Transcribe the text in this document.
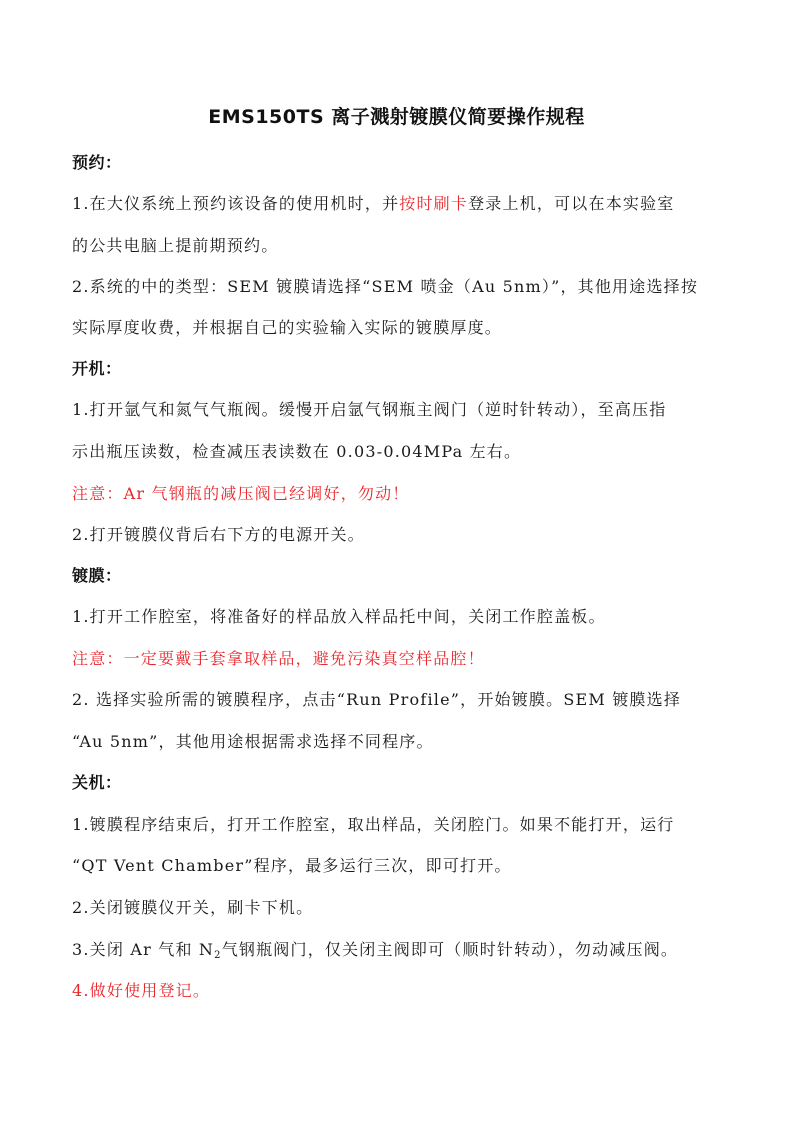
EMS150TS 离子溅射镀膜仪简要操作规程
预约：
1.在大仪系统上预约该设备的使用机时，并按时刷卡登录上机，可以在本实验室
的公共电脑上提前期预约。
2.系统的中的类型：SEM 镀膜请选择“SEM 喷金（Au 5nm）”，其他用途选择按
实际厚度收费，并根据自己的实验输入实际的镀膜厚度。
开机：
1.打开氩气和氮气气瓶阀。缓慢开启氩气钢瓶主阀门（逆时针转动），至高压指
示出瓶压读数，检查减压表读数在 0.03-0.04MPa 左右。
注意：Ar 气钢瓶的减压阀已经调好，勿动！
2.打开镀膜仪背后右下方的电源开关。
镀膜：
1.打开工作腔室，将准备好的样品放入样品托中间，关闭工作腔盖板。
注意：一定要戴手套拿取样品，避免污染真空样品腔！
2. 选择实验所需的镀膜程序，点击“Run Profile”，开始镀膜。SEM 镀膜选择
“Au 5nm”，其他用途根据需求选择不同程序。
关机：
1.镀膜程序结束后，打开工作腔室，取出样品，关闭腔门。如果不能打开，运行
“QT Vent Chamber”程序，最多运行三次，即可打开。
2.关闭镀膜仪开关，刷卡下机。
3.关闭 Ar 气和 $N_2$气钢瓶阀门，仅关闭主阀即可（顺时针转动），勿动减压阀。
4.做好使用登记。
